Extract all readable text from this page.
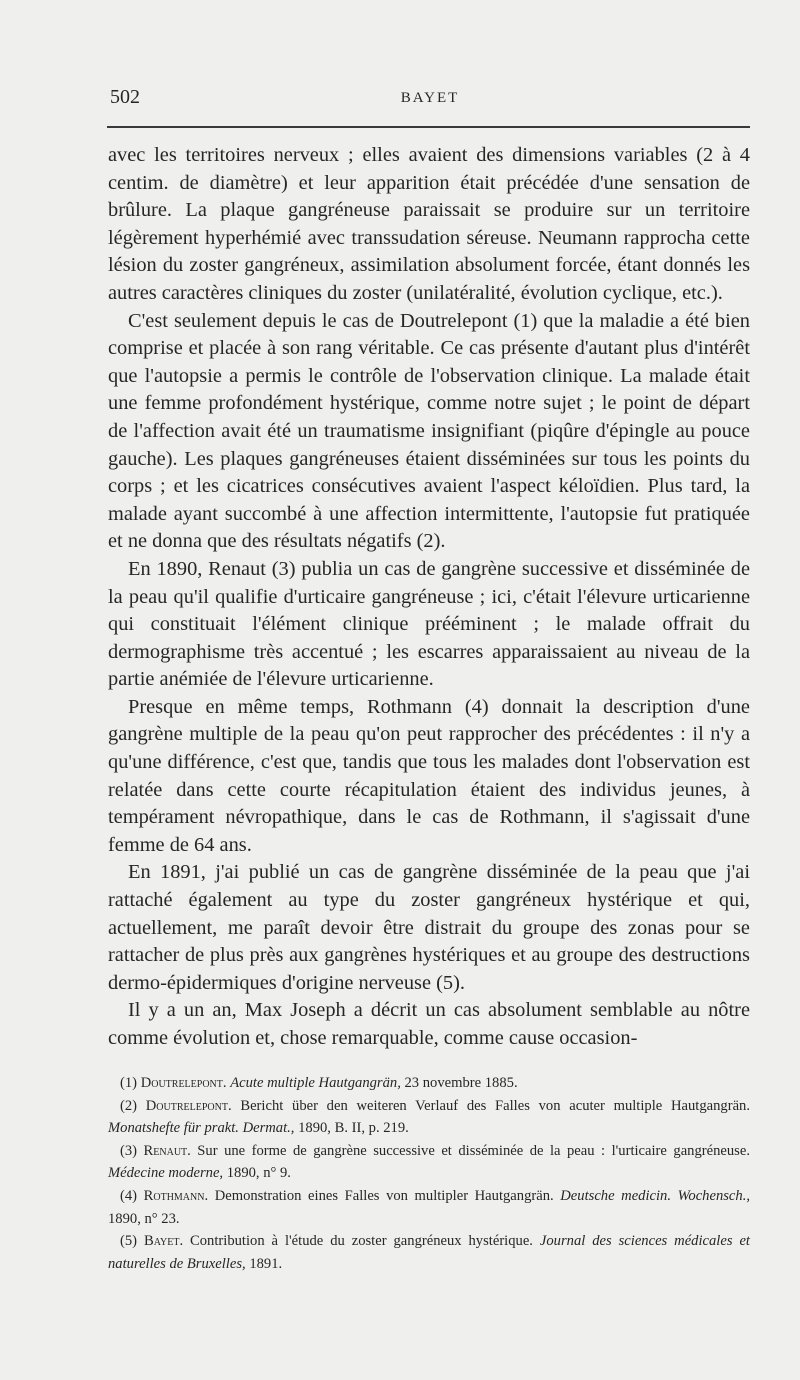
502	BAYET

avec les territoires nerveux ; elles avaient des dimensions variables (2 à 4 centim. de diamètre) et leur apparition était précédée d'une sensation de brûlure. La plaque gangréneuse paraissait se produire sur un territoire légèrement hyperhémié avec transsudation séreuse. Neumann rapprocha cette lésion du zoster gangréneux, assimilation absolument forcée, étant donnés les autres caractères cliniques du zoster (unilatéralité, évolution cyclique, etc.).

C'est seulement depuis le cas de Doutrelepont (1) que la maladie a été bien comprise et placée à son rang véritable. Ce cas présente d'autant plus d'intérêt que l'autopsie a permis le contrôle de l'observation clinique. La malade était une femme profondément hystérique, comme notre sujet ; le point de départ de l'affection avait été un traumatisme insignifiant (piqûre d'épingle au pouce gauche). Les plaques gangréneuses étaient disséminées sur tous les points du corps ; et les cicatrices consécutives avaient l'aspect kéloïdien. Plus tard, la malade ayant succombé à une affection intermittente, l'autopsie fut pratiquée et ne donna que des résultats négatifs (2).

En 1890, Renaut (3) publia un cas de gangrène successive et disséminée de la peau qu'il qualifie d'urticaire gangréneuse ; ici, c'était l'élevure urticarienne qui constituait l'élément clinique prééminent ; le malade offrait du dermographisme très accentué ; les escarres apparaissaient au niveau de la partie anémiée de l'élevure urticarienne.

Presque en même temps, Rothmann (4) donnait la description d'une gangrène multiple de la peau qu'on peut rapprocher des précédentes : il n'y a qu'une différence, c'est que, tandis que tous les malades dont l'observation est relatée dans cette courte récapitulation étaient des individus jeunes, à tempérament névropathique, dans le cas de Rothmann, il s'agissait d'une femme de 64 ans.

En 1891, j'ai publié un cas de gangrène disséminée de la peau que j'ai rattaché également au type du zoster gangréneux hystérique et qui, actuellement, me paraît devoir être distrait du groupe des zonas pour se rattacher de plus près aux gangrènes hystériques et au groupe des destructions dermo-épidermiques d'origine nerveuse (5).

Il y a un an, Max Joseph a décrit un cas absolument semblable au nôtre comme évolution et, chose remarquable, comme cause occasion-

(1) Doutrelepont. Acute multiple Hautgangrän, 23 novembre 1885.

(2) Doutrelepont. Bericht über den weiteren Verlauf des Falles von acuter multiple Hautgangrän. Monatshefte für prakt. Dermat., 1890, B. II, p. 219.

(3) Renaut. Sur une forme de gangrène successive et disséminée de la peau : l'urticaire gangréneuse. Médecine moderne, 1890, n° 9.

(4) Rothmann. Demonstration eines Falles von multipler Hautgangrän. Deutsche medicin. Wochensch., 1890, n° 23.

(5) Bayet. Contribution à l'étude du zoster gangréneux hystérique. Journal des sciences médicales et naturelles de Bruxelles, 1891.
